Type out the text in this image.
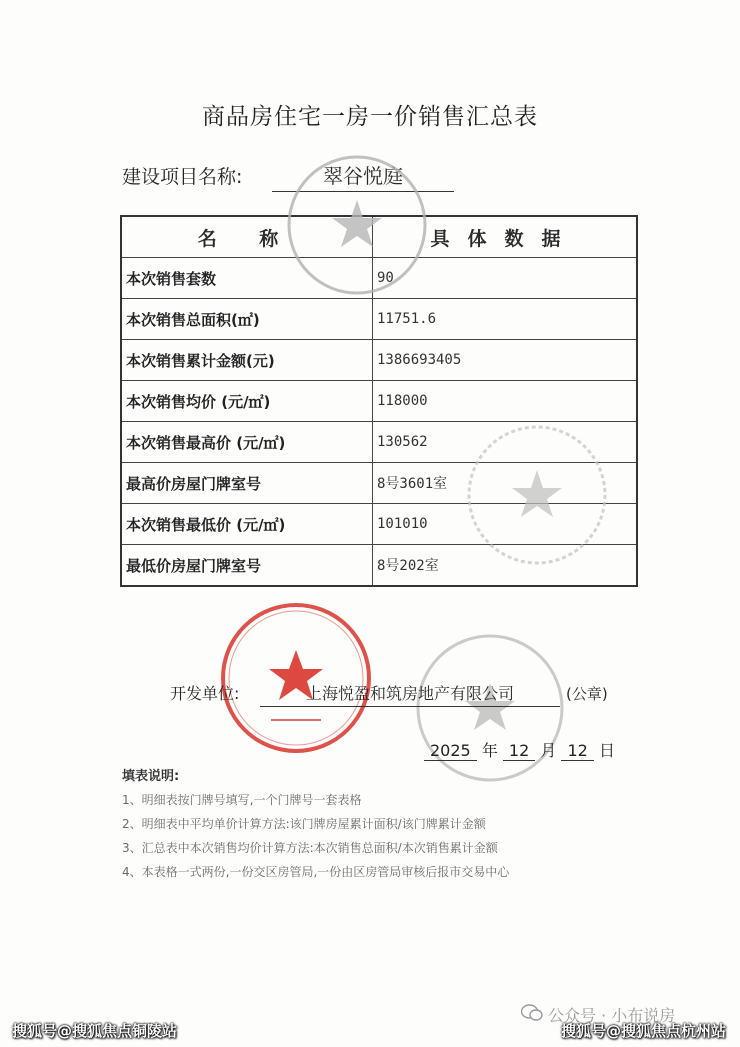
商品房住宅一房一价销售汇总表
建设项目名称:	翠谷悦庭
名 称	具体数据
本次销售套数	90
本次销售总面积(㎡)	11751.6
本次销售累计金额(元)	1386693405
本次销售均价 (元/㎡)	118000
本次销售最高价 (元/㎡)	130562
最高价房屋门牌室号	8号3601室
本次销售最低价 (元/㎡)	101010
最低价房屋门牌室号	8号202室
开发单位:	上海悦盈和筑房地产有限公司	(公章)
2025 年 12 月 12 日
填表说明:
1、明细表按门牌号填写,一个门牌号一套表格
2、明细表中平均单价计算方法:该门牌房屋累计面积/该门牌累计金额
3、汇总表中本次销售均价计算方法:本次销售总面积/本次销售累计金额
4、本表格一式两份,一份交区房管局,一份由区房管局审核后报市交易中心
公众号 · 小布说房
搜狐号@搜狐焦点铜陵站	搜狐号@搜狐焦点杭州站
